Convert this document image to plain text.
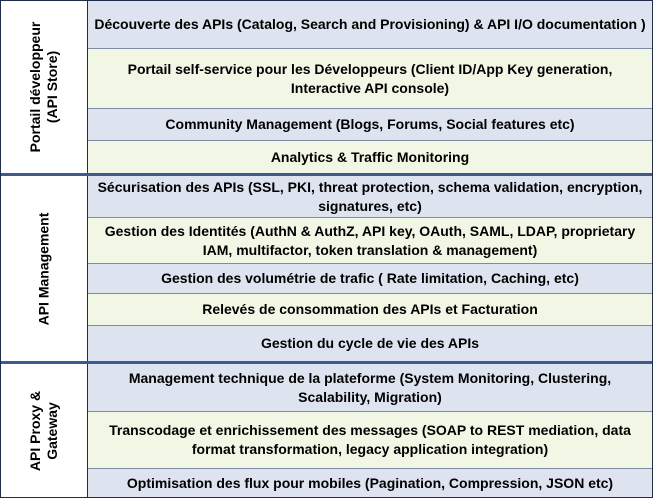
Portail développeur
(API Store)
Découverte des APIs (Catalog, Search and Provisioning) & API I/O documentation )
Portail self-service pour les Développeurs (Client ID/App Key generation, Interactive API console)
Community Management (Blogs, Forums, Social features etc)
Analytics & Traffic Monitoring
API Management
Sécurisation des APIs (SSL, PKI, threat protection, schema validation, encryption, signatures, etc)
Gestion des Identités (AuthN & AuthZ, API key, OAuth, SAML, LDAP, proprietary IAM, multifactor, token translation & management)
Gestion des volumétrie de trafic ( Rate limitation, Caching, etc)
Relevés de consommation des APIs et Facturation
Gestion du cycle de vie des APIs
API Proxy &
Gateway
Management technique de la plateforme (System Monitoring, Clustering, Scalability, Migration)
Transcodage et enrichissement des messages (SOAP to REST mediation, data format transformation, legacy application integration)
Optimisation des flux pour mobiles (Pagination, Compression, JSON etc)
